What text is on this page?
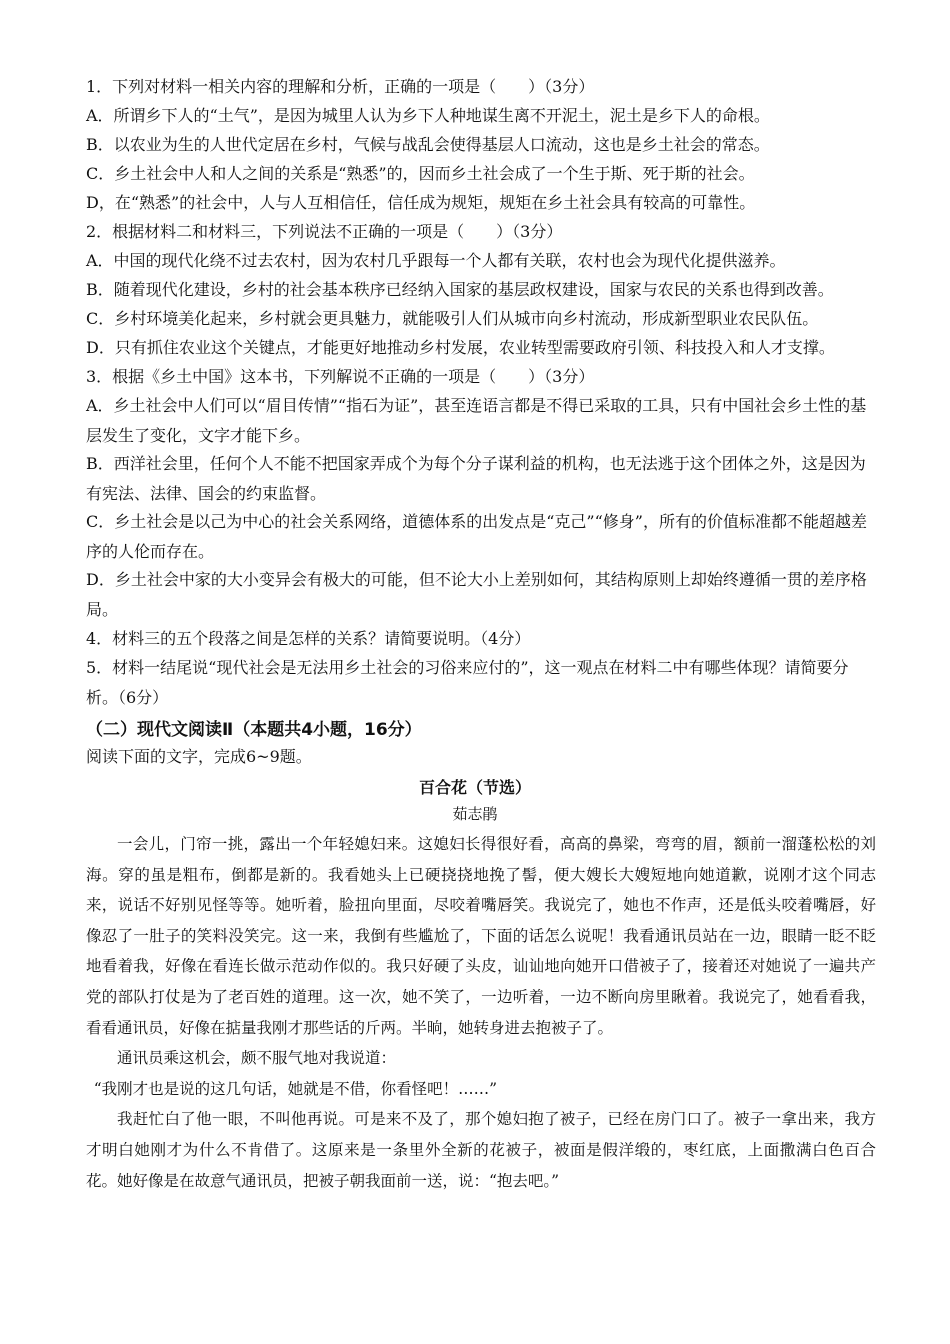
1．下列对材料一相关内容的理解和分析，正确的一项是（　　）（3分）
A．所谓乡下人的“土气”，是因为城里人认为乡下人种地谋生离不开泥土，泥土是乡下人的命根。
B．以农业为生的人世代定居在乡村，气候与战乱会使得基层人口流动，这也是乡土社会的常态。
C．乡土社会中人和人之间的关系是“熟悉”的，因而乡土社会成了一个生于斯、死于斯的社会。
D，在“熟悉”的社会中，人与人互相信任，信任成为规矩，规矩在乡土社会具有较高的可靠性。
2．根据材料二和材料三，下列说法不正确的一项是（　　）（3分）
A．中国的现代化绕不过去农村，因为农村几乎跟每一个人都有关联，农村也会为现代化提供滋养。
B．随着现代化建设，乡村的社会基本秩序已经纳入国家的基层政权建设，国家与农民的关系也得到改善。
C．乡村环境美化起来，乡村就会更具魅力，就能吸引人们从城市向乡村流动，形成新型职业农民队伍。
D．只有抓住农业这个关键点，才能更好地推动乡村发展，农业转型需要政府引领、科技投入和人才支撑。
3．根据《乡土中国》这本书，下列解说不正确的一项是（　　）（3分）
A．乡土社会中人们可以“眉目传情”“指石为证”，甚至连语言都是不得已采取的工具，只有中国社会乡土性的基层发生了变化，文字才能下乡。
B．西洋社会里，任何个人不能不把国家弄成个为每个分子谋利益的机构，也无法逃于这个团体之外，这是因为有宪法、法律、国会的约束监督。
C．乡土社会是以己为中心的社会关系网络，道德体系的出发点是“克己”“修身”，所有的价值标准都不能超越差序的人伦而存在。
D．乡土社会中家的大小变异会有极大的可能，但不论大小上差别如何，其结构原则上却始终遵循一贯的差序格局。
4．材料三的五个段落之间是怎样的关系？请简要说明。（4分）
5．材料一结尾说“现代社会是无法用乡土社会的习俗来应付的”，这一观点在材料二中有哪些体现？请简要分析。（6分）
（二）现代文阅读Ⅱ（本题共4小题，16分）
阅读下面的文字，完成6~9题。
百合花（节选）
茹志鹃

一会儿，门帘一挑，露出一个年轻媳妇来。这媳妇长得很好看，高高的鼻梁，弯弯的眉，额前一溜蓬松松的刘海。穿的虽是粗布，倒都是新的。我看她头上已硬挠挠地挽了髻，便大嫂长大嫂短地向她道歉，说刚才这个同志来，说话不好别见怪等等。她听着，脸扭向里面，尽咬着嘴唇笑。我说完了，她也不作声，还是低头咬着嘴唇，好像忍了一肚子的笑料没笑完。这一来，我倒有些尴尬了，下面的话怎么说呢！我看通讯员站在一边，眼睛一眨不眨地看着我，好像在看连长做示范动作似的。我只好硬了头皮，讪讪地向她开口借被子了，接着还对她说了一遍共产党的部队打仗是为了老百姓的道理。这一次，她不笑了，一边听着，一边不断向房里瞅着。我说完了，她看看我，看看通讯员，好像在掂量我刚才那些话的斤两。半晌，她转身进去抱被子了。

通讯员乘这机会，颇不服气地对我说道：

“我刚才也是说的这几句话，她就是不借，你看怪吧！……”

我赶忙白了他一眼，不叫他再说。可是来不及了，那个媳妇抱了被子，已经在房门口了。被子一拿出来，我方才明白她刚才为什么不肯借了。这原来是一条里外全新的花被子，被面是假洋缎的，枣红底，上面撒满白色百合花。她好像是在故意气通讯员，把被子朝我面前一送，说：“抱去吧。”
